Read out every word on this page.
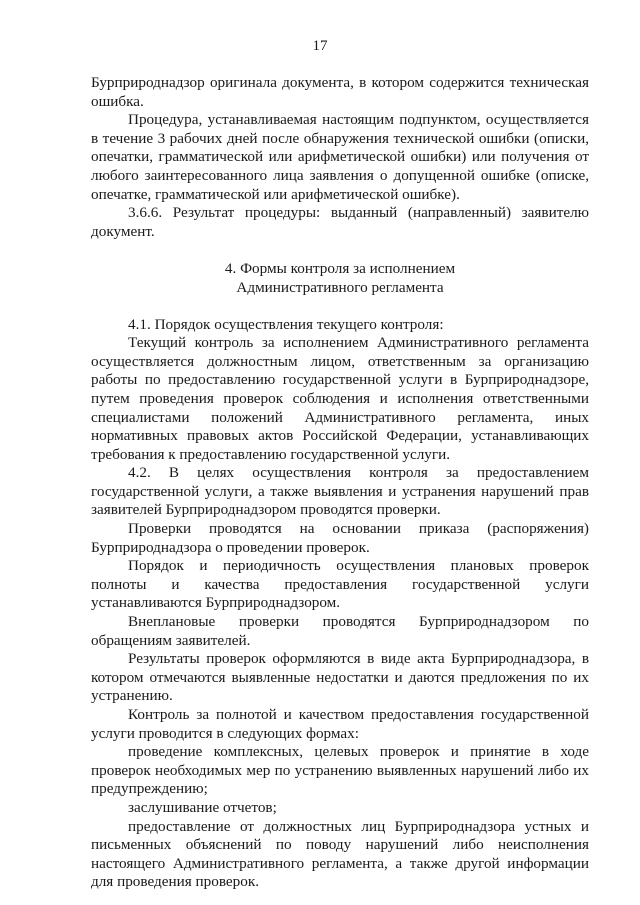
17

Бурприроднадзор оригинала документа, в котором содержится техническая ошибка.

Процедура, устанавливаемая настоящим подпунктом, осуществляется в течение 3 рабочих дней после обнаружения технической ошибки (описки, опечатки, грамматической или арифметической ошибки) или получения от любого заинтересованного лица заявления о допущенной ошибке (описке, опечатке, грамматической или арифметической ошибке).

3.6.6. Результат процедуры: выданный (направленный) заявителю документ.

4. Формы контроля за исполнением
Административного регламента

4.1. Порядок осуществления текущего контроля:

Текущий контроль за исполнением Административного регламента осуществляется должностным лицом, ответственным за организацию работы по предоставлению государственной услуги в Бурприроднадзоре, путем проведения проверок соблюдения и исполнения ответственными специалистами положений Административного регламента, иных нормативных правовых актов Российской Федерации, устанавливающих требования к предоставлению государственной услуги.

4.2. В целях осуществления контроля за предоставлением государственной услуги, а также выявления и устранения нарушений прав заявителей Бурприроднадзором проводятся проверки.

Проверки проводятся на основании приказа (распоряжения) Бурприроднадзора о проведении проверок.

Порядок и периодичность осуществления плановых проверок полноты и качества предоставления государственной услуги устанавливаются Бурприроднадзором.

Внеплановые проверки проводятся Бурприроднадзором по обращениям заявителей.

Результаты проверок оформляются в виде акта Бурприроднадзора, в котором отмечаются выявленные недостатки и даются предложения по их устранению.

Контроль за полнотой и качеством предоставления государственной услуги проводится в следующих формах:

проведение комплексных, целевых проверок и принятие в ходе проверок необходимых мер по устранению выявленных нарушений либо их предупреждению;

заслушивание отчетов;

предоставление от должностных лиц Бурприроднадзора устных и письменных объяснений по поводу нарушений либо неисполнения настоящего Административного регламента, а также другой информации для проведения проверок.
